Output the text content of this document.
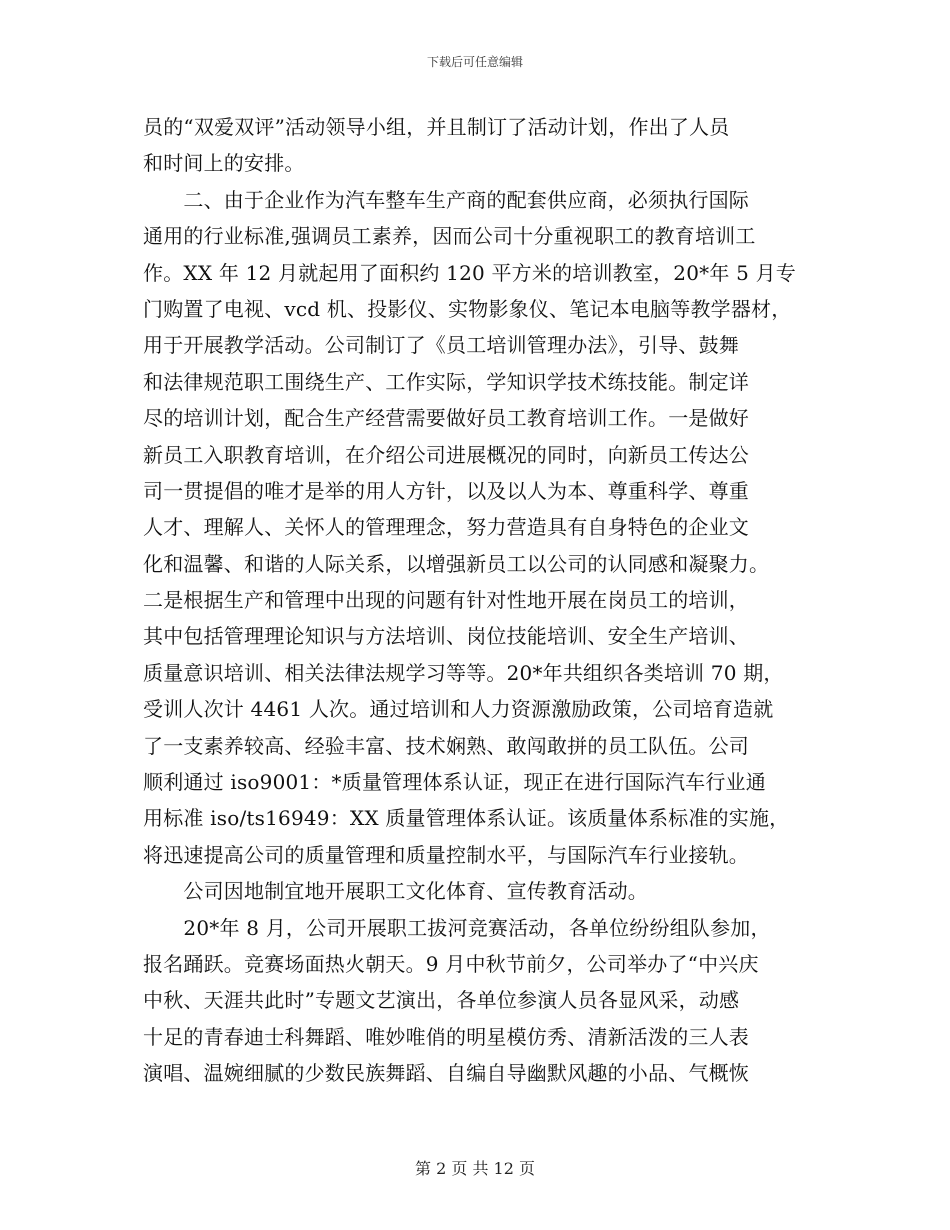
下载后可任意编辑
员的“双爱双评”活动领导小组，并且制订了活动计划，作出了人员
和时间上的安排。
　　二、由于企业作为汽车整车生产商的配套供应商，必须执行国际
通用的行业标准,强调员工素养，因而公司十分重视职工的教育培训工
作。XX 年 12 月就起用了面积约 120 平方米的培训教室，20*年 5 月专
门购置了电视、vcd 机、投影仪、实物影象仪、笔记本电脑等教学器材，
用于开展教学活动。公司制订了《员工培训管理办法》，引导、鼓舞
和法律规范职工围绕生产、工作实际，学知识学技术练技能。制定详
尽的培训计划，配合生产经营需要做好员工教育培训工作。一是做好
新员工入职教育培训，在介绍公司进展概况的同时，向新员工传达公
司一贯提倡的唯才是举的用人方针，以及以人为本、尊重科学、尊重
人才、理解人、关怀人的管理理念，努力营造具有自身特色的企业文
化和温馨、和谐的人际关系，以增强新员工以公司的认同感和凝聚力。
二是根据生产和管理中出现的问题有针对性地开展在岗员工的培训，
其中包括管理理论知识与方法培训、岗位技能培训、安全生产培训、
质量意识培训、相关法律法规学习等等。20*年共组织各类培训 70 期，
受训人次计 4461 人次。通过培训和人力资源激励政策，公司培育造就
了一支素养较高、经验丰富、技术娴熟、敢闯敢拼的员工队伍。公司
顺利通过 iso9001：*质量管理体系认证，现正在进行国际汽车行业通
用标准 iso/ts16949：XX 质量管理体系认证。该质量体系标准的实施，
将迅速提高公司的质量管理和质量控制水平，与国际汽车行业接轨。
　　公司因地制宜地开展职工文化体育、宣传教育活动。
　　20*年 8 月，公司开展职工拔河竞赛活动，各单位纷纷组队参加，
报名踊跃。竞赛场面热火朝天。9 月中秋节前夕，公司举办了“中兴庆
中秋、天涯共此时”专题文艺演出，各单位参演人员各显风采，动感
十足的青春迪士科舞蹈、唯妙唯俏的明星模仿秀、清新活泼的三人表
演唱、温婉细腻的少数民族舞蹈、自编自导幽默风趣的小品、气概恢
第 2 页 共 12 页
